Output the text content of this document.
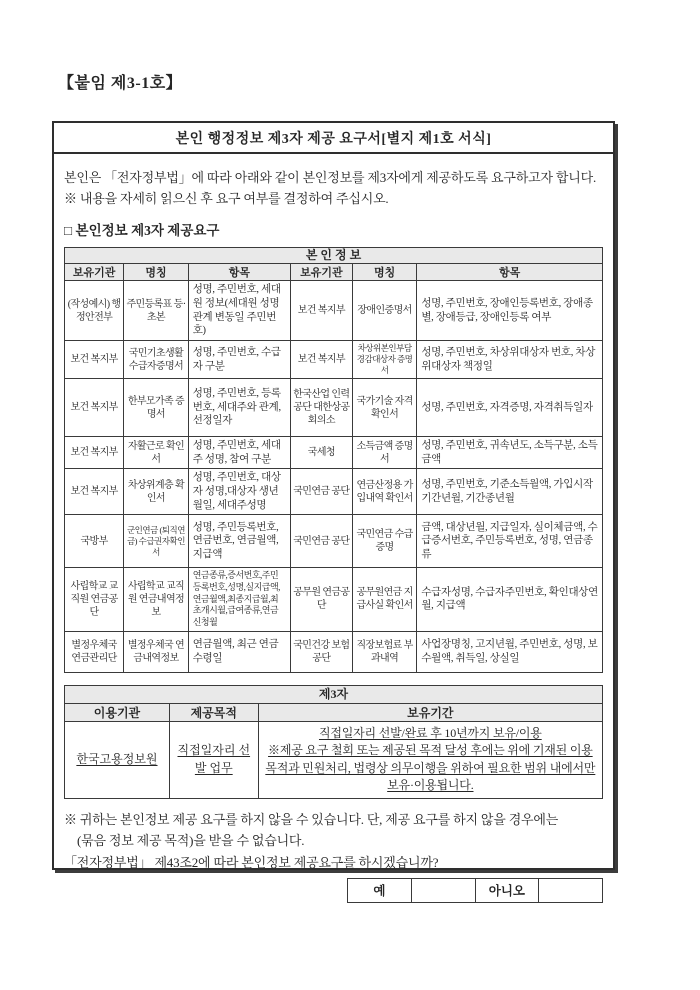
【붙임 제3-1호】
본인 행정정보 제3자 제공 요구서[별지 제1호 서식]

본인은 「전자정부법」에 따라 아래와 같이 본인정보를 제3자에게 제공하도록 요구하고자 합니다.

※ 내용을 자세히 읽으신 후 요구 여부를 결정하여 주십시오.

□ 본인정보 제3자 제공요구
본 인 정 보					
보유기관	명칭	항목	보유기관	명칭	항목
(작성예시) 행정안전부	주민등록표 등·초본	성명, 주민번호, 세대원 정보(세대원 성명 관계 변동일 주민번호)	보건 복지부	장애인증명서	성명, 주민번호, 장애인등록번호, 장애종별, 장애등급, 장애인등록 여부
보건 복지부	국민기초생활 수급자증명서	성명, 주민번호, 수급자 구분	보건 복지부	차상위본인부담 경감대상자 증명서	성명, 주민번호, 차상위대상자 번호, 차상위대상자 책정일
보건 복지부	한부모가족 증명서	성명, 주민번호, 등록번호, 세대주와 관계, 선정일자	한국산업 인력공단 대한상공 회의소	국가기술 자격확인서	성명, 주민번호, 자격증명, 자격취득일자
보건 복지부	자활근로 확인서	성명, 주민번호, 세대주 성명, 참여 구분	국세청	소득금액 증명서	성명, 주민번호, 귀속년도, 소득구분, 소득금액
보건 복지부	차상위계층 확인서	성명, 주민번호, 대상자 성명,대상자 생년월일, 세대주성명	국민연금 공단	연금산정용 가입내역 확인서	성명, 주민번호, 기준소득월액, 가입시작 기간년월, 기간종년월
국방부	군인연금 (퇴직연금) 수급권자확인서	성명, 주민등록번호, 연금번호, 연금월액, 지급액	국민연금 공단	국민연금 수급증명	금액, 대상년월, 지급일자, 실이체금액, 수급증서번호, 주민등록번호, 성명, 연금종류
사립학교 교직원 연금공단	사립학교 교직원 연금내역정보	연금종류,증서번호,주민등록번호,성명,실지급액,연금월액,최종지급월,최초개시월,급여종류,연금신청월	공무원 연금공단	공무원연금 지급사실 확인서	수급자성명, 수급자주민번호, 확인대상연월, 지급액
별정우체국 연금관리단	별정우체국 연금내역정보	연금월액, 최근 연금수령일	국민건강 보험공단	직장보험료 부과내역	사업장명칭, 고지년월, 주민번호, 성명, 보수월액, 취득일, 상실일
제3자		
이용기관	제공목적	보유기간
한국고용정보원	직접일자리 선발 업무	직접일자리 선발/완료 후 10년까지 보유/이용

※제공 요구 철회 또는 제공된 목적 달성 후에는 위에 기재된 이용 목적과 민원처리, 법령상 의무이행을 위하여 필요한 범위 내에서만 보유·이용됩니다.

※ 귀하는 본인정보 제공 요구를 하지 않을 수 있습니다. 단, 제공 요구를 하지 않을 경우에는

(묶음 정보 제공 목적)을 받을 수 없습니다.

「전자정부법」 제43조2에 따라 본인정보 제공요구를 하시겠습니까?

예		아니오	
